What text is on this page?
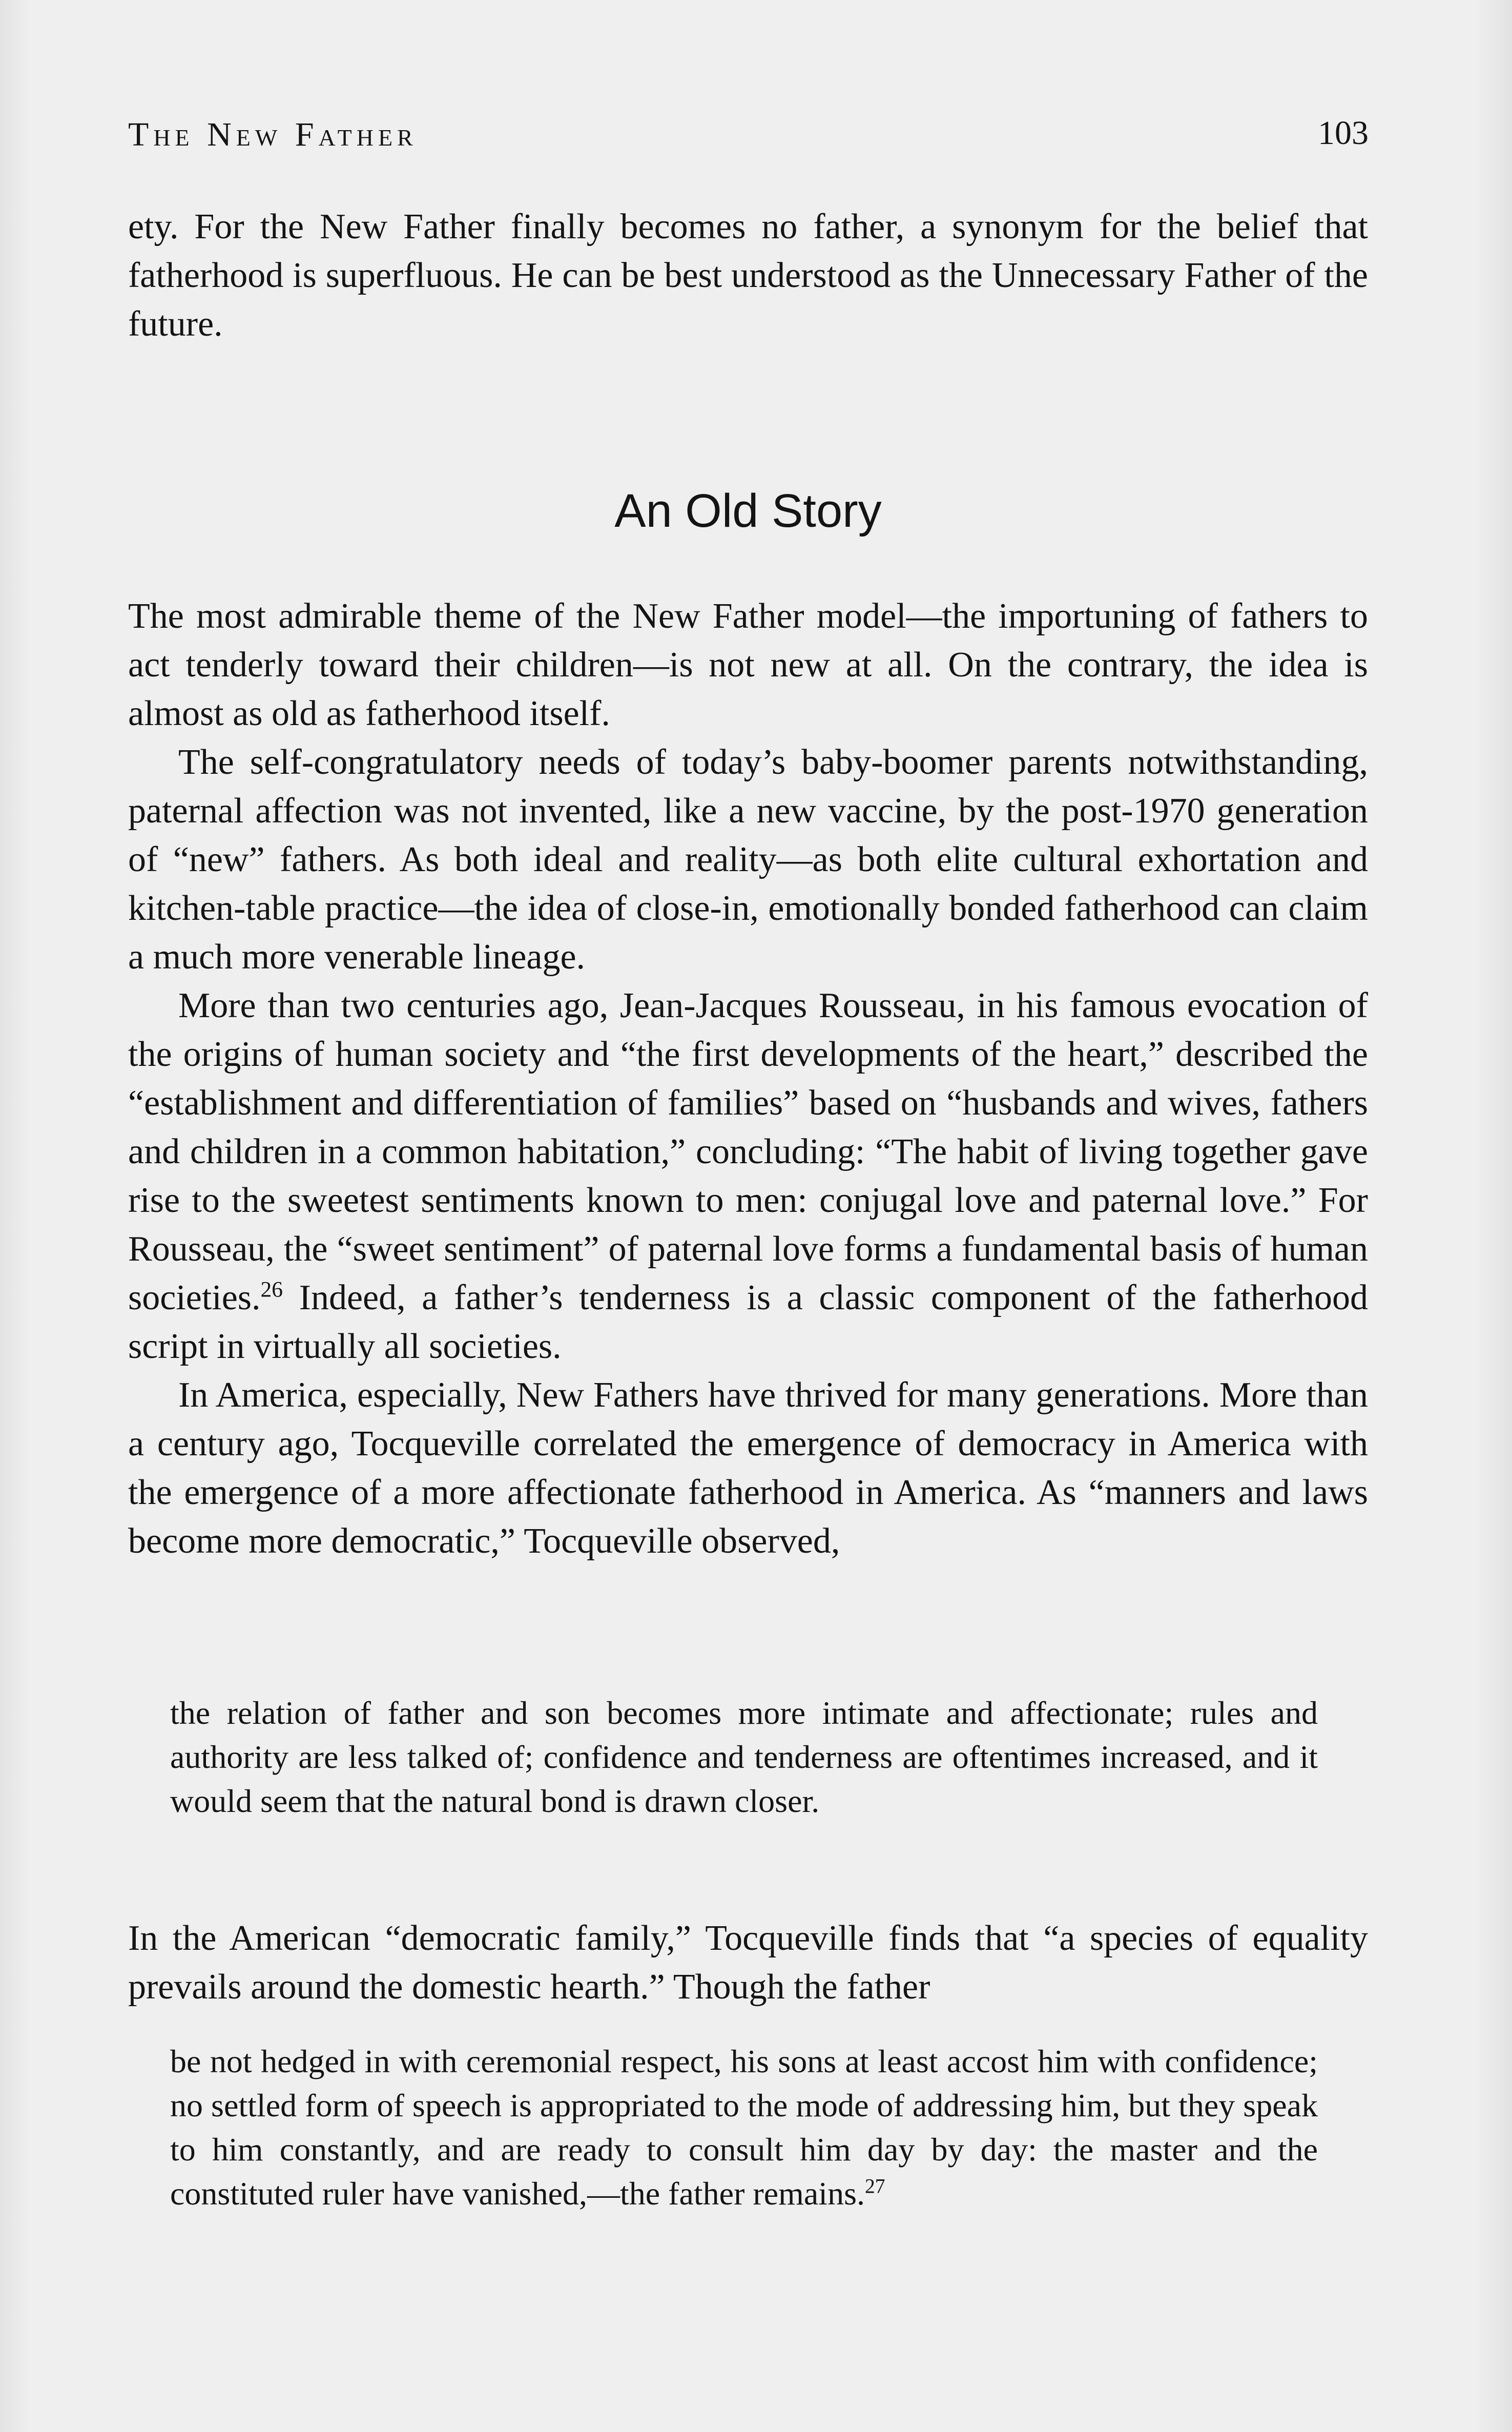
The New Father	103

ety. For the New Father finally becomes no father, a synonym for the belief that fatherhood is superfluous. He can be best understood as the Unnecessary Father of the future.

An Old Story

The most admirable theme of the New Father model—the importuning of fathers to act tenderly toward their children—is not new at all. On the contrary, the idea is almost as old as fatherhood itself.

The self-congratulatory needs of today’s baby-boomer parents notwithstanding, paternal affection was not invented, like a new vaccine, by the post-1970 generation of “new” fathers. As both ideal and reality—as both elite cultural exhortation and kitchen-table practice—the idea of close-in, emotionally bonded fatherhood can claim a much more venerable lineage.

More than two centuries ago, Jean-Jacques Rousseau, in his famous evocation of the origins of human society and “the first developments of the heart,” described the “establishment and differentiation of families” based on “husbands and wives, fathers and children in a common habitation,” concluding: “The habit of living together gave rise to the sweetest sentiments known to men: conjugal love and paternal love.” For Rousseau, the “sweet sentiment” of paternal love forms a fundamental basis of human societies.$^{26}$ Indeed, a father’s tenderness is a classic component of the fatherhood script in virtually all societies.

In America, especially, New Fathers have thrived for many generations. More than a century ago, Tocqueville correlated the emergence of democracy in America with the emergence of a more affectionate fatherhood in America. As “manners and laws become more democratic,” Tocqueville observed,

the relation of father and son becomes more intimate and affectionate; rules and authority are less talked of; confidence and tenderness are oftentimes increased, and it would seem that the natural bond is drawn closer.

In the American “democratic family,” Tocqueville finds that “a species of equality prevails around the domestic hearth.” Though the father

be not hedged in with ceremonial respect, his sons at least accost him with confidence; no settled form of speech is appropriated to the mode of addressing him, but they speak to him constantly, and are ready to consult him day by day: the master and the constituted ruler have vanished,—the father remains.$^{27}$
